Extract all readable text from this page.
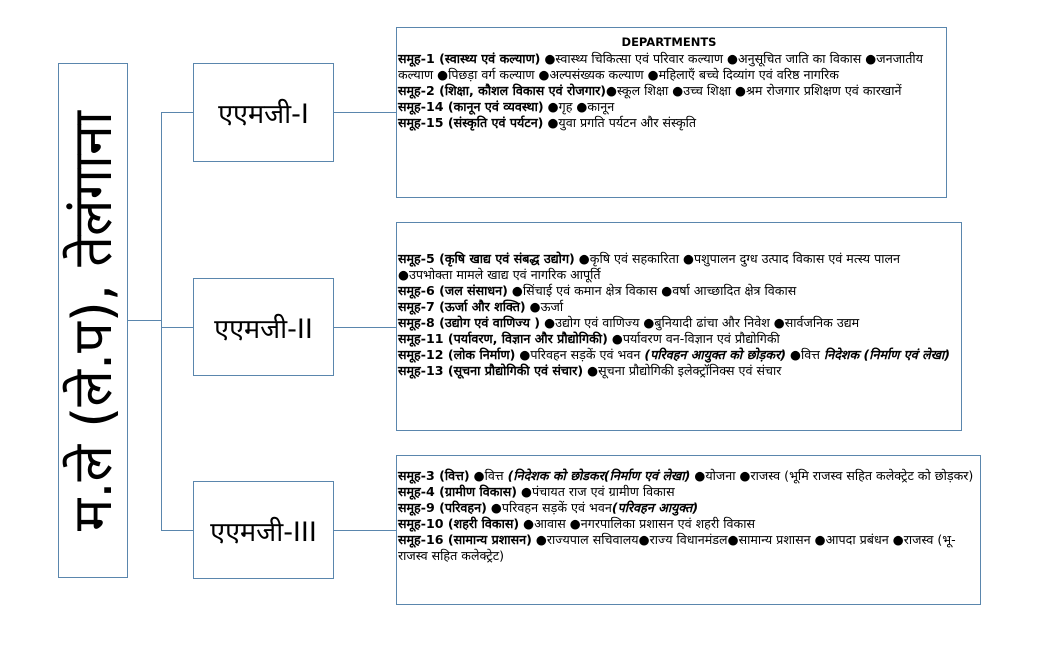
म.ले (ले.प), तेलंगाना	एएमजी-I
एएमजी-II
एएमजी-III
DEPARTMENTS

समूह-1 (स्वास्थ्य एवं कल्याण) ●स्वास्थ्य चिकित्सा एवं परिवार कल्याण ●अनुसूचित जाति का विकास ●जनजातीय कल्याण ●पिछड़ा वर्ग कल्याण ●अल्पसंख्यक कल्याण ●महिलाएँ बच्चे दिव्यांग एवं वरिष्ठ नागरिक

समूह-2 (शिक्षा, कौशल विकास एवं रोजगार)●स्कूल शिक्षा ●उच्च शिक्षा ●श्रम रोजगार प्रशिक्षण एवं कारखानें

समूह-14 (कानून एवं व्यवस्था) ●गृह ●कानून

समूह-15 (संस्कृति एवं पर्यटन) ●युवा प्रगति पर्यटन और संस्कृति

समूह-5 (कृषि खाद्य एवं संबद्ध उद्योग) ●कृषि एवं सहकारिता ●पशुपालन दुग्ध उत्पाद विकास एवं मत्स्य पालन ●उपभोक्ता मामले खाद्य एवं नागरिक आपूर्ति

समूह-6 (जल संसाधन) ●सिंचाई एवं कमान क्षेत्र विकास ●वर्षा आच्छादित क्षेत्र विकास

समूह-7 (ऊर्जा और शक्ति) ●ऊर्जा

समूह-8 (उद्योग एवं वाणिज्य ) ●उद्योग एवं वाणिज्य ●बुनियादी ढांचा और निवेश ●सार्वजनिक उद्यम

समूह-11 (पर्यावरण, विज्ञान और प्रौद्योगिकी) ●पर्यावरण वन-विज्ञान एवं प्रौद्योगिकी

समूह-12 (लोक निर्माण) ●परिवहन सड़कें एवं भवन (परिवहन आयुक्त को छोड़कर) ●वित्त निदेशक (निर्माण एवं लेखा)

समूह-13 (सूचना प्रौद्योगिकी एवं संचार) ●सूचना प्रौद्योगिकी इलेक्ट्रॉनिक्स एवं संचार

समूह-3 (वित्त) ●वित्त (निदेशक को छोडकर(निर्माण एवं लेखा) ●योजना ●राजस्व (भूमि राजस्व सहित कलेक्ट्रेट को छोड़कर)

समूह-4 (ग्रामीण विकास) ●पंचायत राज एवं ग्रामीण विकास

समूह-9 (परिवहन) ●परिवहन सड़कें एवं भवन(परिवहन आयुक्त)

समूह-10 (शहरी विकास) ●आवास ●नगरपालिका प्रशासन एवं शहरी विकास

समूह-16 (सामान्य प्रशासन) ●राज्यपाल सचिवालय●राज्य विधानमंडल●सामान्य प्रशासन ●आपदा प्रबंधन ●राजस्व (भू-राजस्व सहित कलेक्ट्रेट)
